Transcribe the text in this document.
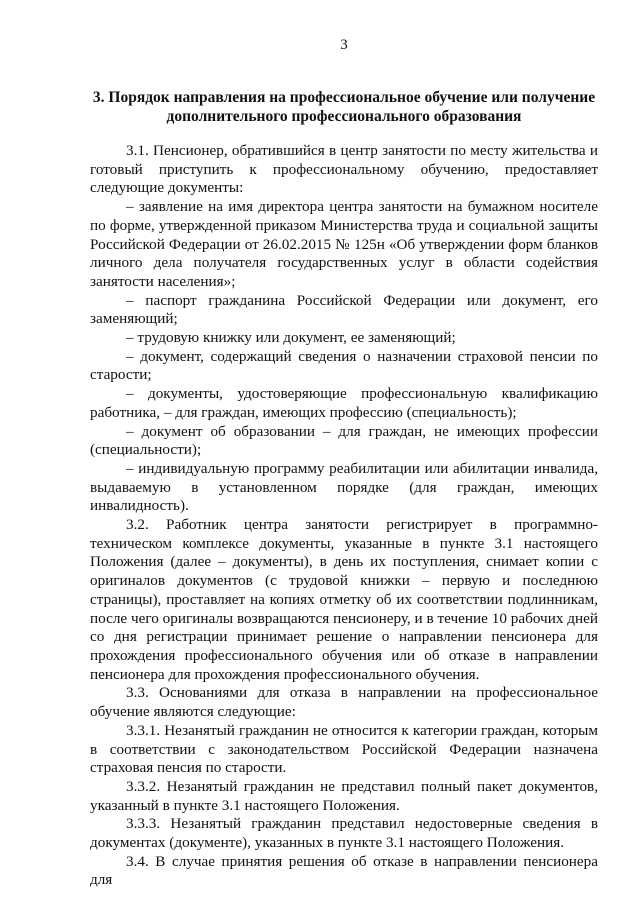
3
3. Порядок направления на профессиональное обучение или получение
дополнительного профессионального образования

3.1. Пенсионер, обратившийся в центр занятости по месту жительства и готовый приступить к профессиональному обучению, предоставляет следующие документы:

– заявление на имя директора центра занятости на бумажном носителе по форме, утвержденной приказом Министерства труда и социальной защиты Российской Федерации от 26.02.2015 № 125н «Об утверждении форм бланков личного дела получателя государственных услуг в области содействия занятости населения»;

– паспорт гражданина Российской Федерации или документ, его заменяющий;

– трудовую книжку или документ, ее заменяющий;

– документ, содержащий сведения о назначении страховой пенсии по старости;

– документы, удостоверяющие профессиональную квалификацию работника, – для граждан, имеющих профессию (специальность);

– документ об образовании – для граждан, не имеющих профессии (специальности);

– индивидуальную программу реабилитации или абилитации инвалида, выдаваемую в установленном порядке (для граждан, имеющих инвалидность).

3.2. Работник центра занятости регистрирует в программно-техническом комплексе документы, указанные в пункте 3.1 настоящего Положения (далее – документы), в день их поступления, снимает копии с оригиналов документов (с трудовой книжки – первую и последнюю страницы), проставляет на копиях отметку об их соответствии подлинникам, после чего оригиналы возвращаются пенсионеру, и в течение 10 рабочих дней со дня регистрации принимает решение о направлении пенсионера для прохождения профессионального обучения или об отказе в направлении пенсионера для прохождения профессионального обучения.

3.3. Основаниями для отказа в направлении на профессиональное обучение являются следующие:

3.3.1. Незанятый гражданин не относится к категории граждан, которым в соответствии с законодательством Российской Федерации назначена страховая пенсия по старости.

3.3.2. Незанятый гражданин не представил полный пакет документов, указанный в пункте 3.1 настоящего Положения.

3.3.3. Незанятый гражданин представил недостоверные сведения в документах (документе), указанных в пункте 3.1 настоящего Положения.

3.4. В случае принятия решения об отказе в направлении пенсионера для
